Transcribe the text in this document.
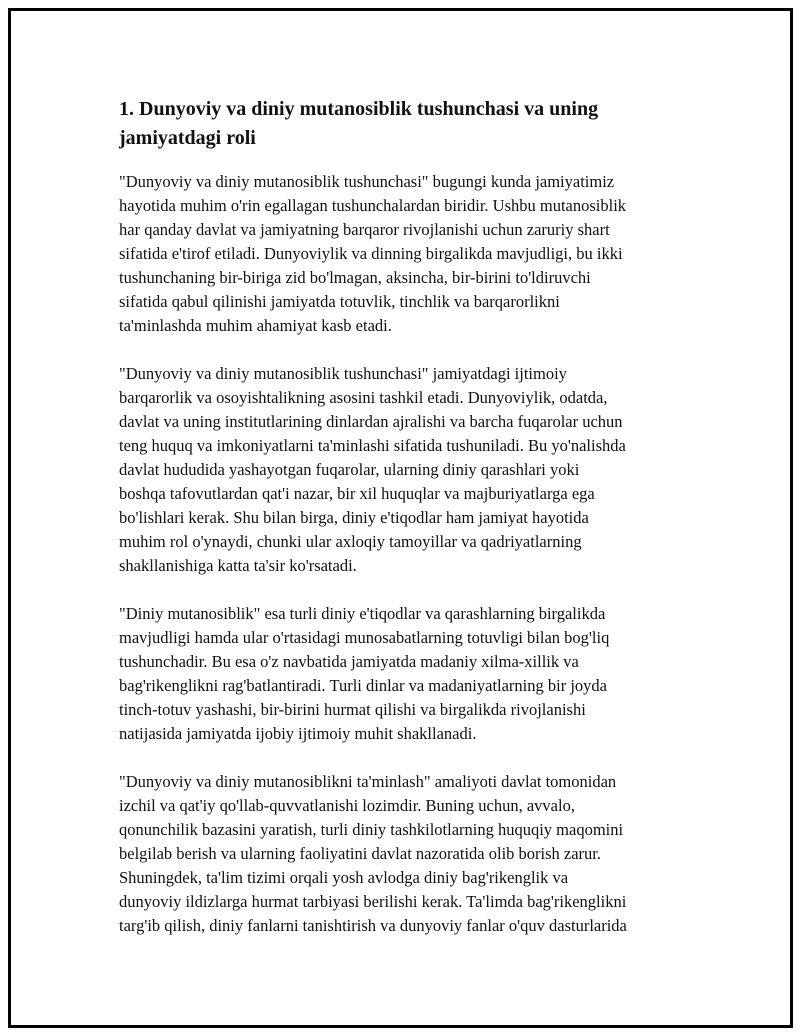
1. Dunyoviy va diniy mutanosiblik tushunchasi va uning
jamiyatdagi roli

"Dunyoviy va diniy mutanosiblik tushunchasi" bugungi kunda jamiyatimiz
hayotida muhim o'rin egallagan tushunchalardan biridir. Ushbu mutanosiblik
har qanday davlat va jamiyatning barqaror rivojlanishi uchun zaruriy shart
sifatida e'tirof etiladi. Dunyoviylik va dinning birgalikda mavjudligi, bu ikki
tushunchaning bir-biriga zid bo'lmagan, aksincha, bir-birini to'ldiruvchi
sifatida qabul qilinishi jamiyatda totuvlik, tinchlik va barqarorlikni
ta'minlashda muhim ahamiyat kasb etadi.

"Dunyoviy va diniy mutanosiblik tushunchasi" jamiyatdagi ijtimoiy
barqarorlik va osoyishtalikning asosini tashkil etadi. Dunyoviylik, odatda,
davlat va uning institutlarining dinlardan ajralishi va barcha fuqarolar uchun
teng huquq va imkoniyatlarni ta'minlashi sifatida tushuniladi. Bu yo'nalishda
davlat hududida yashayotgan fuqarolar, ularning diniy qarashlari yoki
boshqa tafovutlardan qat'i nazar, bir xil huquqlar va majburiyatlarga ega
bo'lishlari kerak. Shu bilan birga, diniy e'tiqodlar ham jamiyat hayotida
muhim rol o'ynaydi, chunki ular axloqiy tamoyillar va qadriyatlarning
shakllanishiga katta ta'sir ko'rsatadi.

"Diniy mutanosiblik" esa turli diniy e'tiqodlar va qarashlarning birgalikda
mavjudligi hamda ular o'rtasidagi munosabatlarning totuvligi bilan bog'liq
tushunchadir. Bu esa o'z navbatida jamiyatda madaniy xilma-xillik va
bag'rikenglikni rag'batlantiradi. Turli dinlar va madaniyatlarning bir joyda
tinch-totuv yashashi, bir-birini hurmat qilishi va birgalikda rivojlanishi
natijasida jamiyatda ijobiy ijtimoiy muhit shakllanadi.

"Dunyoviy va diniy mutanosiblikni ta'minlash" amaliyoti davlat tomonidan
izchil va qat'iy qo'llab-quvvatlanishi lozimdir. Buning uchun, avvalo,
qonunchilik bazasini yaratish, turli diniy tashkilotlarning huquqiy maqomini
belgilab berish va ularning faoliyatini davlat nazoratida olib borish zarur.
Shuningdek, ta'lim tizimi orqali yosh avlodga diniy bag'rikenglik va
dunyoviy ildizlarga hurmat tarbiyasi berilishi kerak. Ta'limda bag'rikenglikni
targ'ib qilish, diniy fanlarni tanishtirish va dunyoviy fanlar o'quv dasturlarida
